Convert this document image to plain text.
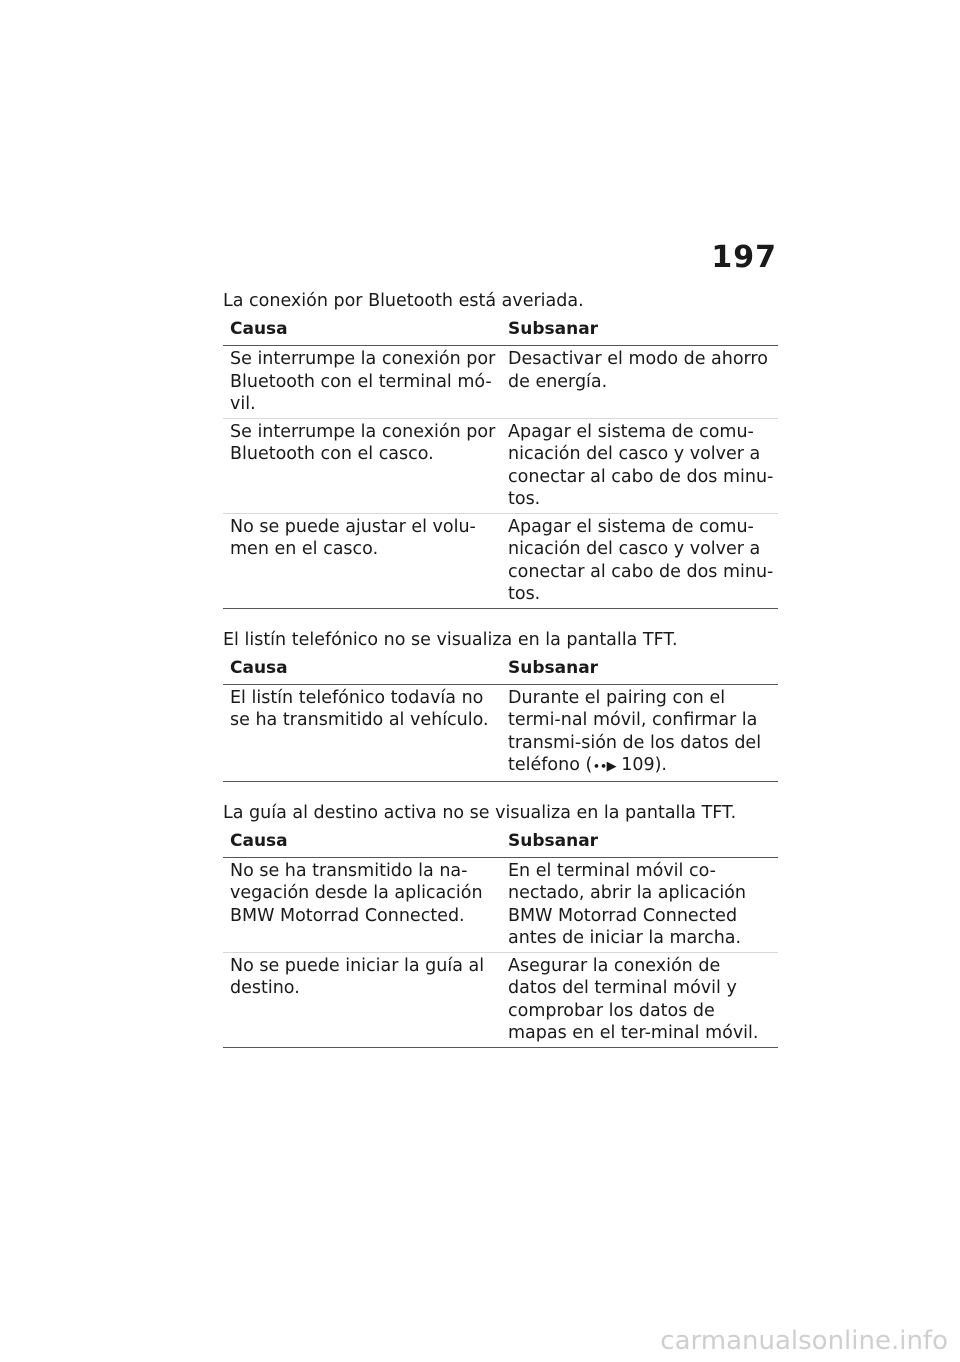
197
La conexión por Bluetooth está averiada.
Causa	Subsanar
Se interrumpe la conexión por Bluetooth con el terminal mó-vil.	Desactivar el modo de ahorro de energía.
Se interrumpe la conexión por Bluetooth con el casco.	Apagar el sistema de comu-nicación del casco y volver a conectar al cabo de dos minu-tos.
No se puede ajustar el volu-men en el casco.	Apagar el sistema de comu-nicación del casco y volver a conectar al cabo de dos minu-tos.
El listín telefónico no se visualiza en la pantalla TFT.
Causa	Subsanar
El listín telefónico todavía no se ha transmitido al vehículo.	Durante el pairing con el termi-nal móvil, confirmar la transmi-sión de los datos del teléfono (∙∙▶ 109).
La guía al destino activa no se visualiza en la pantalla TFT.
Causa	Subsanar
No se ha transmitido la na-vegación desde la aplicación BMW Motorrad Connected.	En el terminal móvil co-nectado, abrir la aplicación BMW Motorrad Connected antes de iniciar la marcha.
No se puede iniciar la guía al destino.	Asegurar la conexión de datos del terminal móvil y comprobar los datos de mapas en el ter-minal móvil.
carmanualsonline.info
